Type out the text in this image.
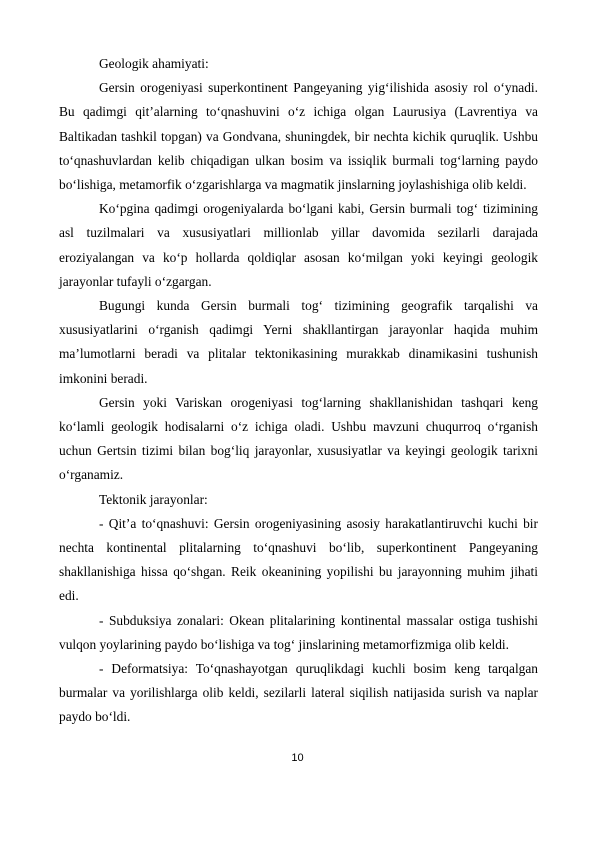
Geologik ahamiyati:

Gersin orogeniyasi superkontinent Pangeyaning yig‘ilishida asosiy rol o‘ynadi. Bu qadimgi qit’alarning to‘qnashuvini o‘z ichiga olgan Laurusiya (Lavrentiya va Baltikadan tashkil topgan) va Gondvana, shuningdek, bir nechta kichik quruqlik. Ushbu to‘qnashuvlardan kelib chiqadigan ulkan bosim va issiqlik burmali tog‘larning paydo bo‘lishiga, metamorfik o‘zgarishlarga va magmatik jinslarning joylashishiga olib keldi.

Ko‘pgina qadimgi orogeniyalarda bo‘lgani kabi, Gersin burmali tog‘ tizimining asl tuzilmalari va xususiyatlari millionlab yillar davomida sezilarli darajada eroziyalangan va ko‘p hollarda qoldiqlar asosan ko‘milgan yoki keyingi geologik jarayonlar tufayli o‘zgargan.

Bugungi kunda Gersin burmali tog‘ tizimining geografik tarqalishi va xususiyatlarini o‘rganish qadimgi Yerni shakllantirgan jarayonlar haqida muhim ma’lumotlarni beradi va plitalar tektonikasining murakkab dinamikasini tushunish imkonini beradi.

Gersin yoki Variskan orogeniyasi tog‘larning shakllanishidan tashqari keng ko‘lamli geologik hodisalarni o‘z ichiga oladi. Ushbu mavzuni chuqurroq o‘rganish uchun Gertsin tizimi bilan bog‘liq jarayonlar, xususiyatlar va keyingi geologik tarixni o‘rganamiz.

Tektonik jarayonlar:

- Qit’a to‘qnashuvi: Gersin orogeniyasining asosiy harakatlantiruvchi kuchi bir nechta kontinental plitalarning to‘qnashuvi bo‘lib, superkontinent Pangeyaning shakllanishiga hissa qo‘shgan. Reik okeanining yopilishi bu jarayonning muhim jihati edi.

- Subduksiya zonalari: Okean plitalarining kontinental massalar ostiga tushishi vulqon yoylarining paydo bo‘lishiga va tog‘ jinslarining metamorfizmiga olib keldi.

- Deformatsiya: To‘qnashayotgan quruqlikdagi kuchli bosim keng tarqalgan burmalar va yorilishlarga olib keldi, sezilarli lateral siqilish natijasida surish va naplar paydo bo‘ldi.

10
